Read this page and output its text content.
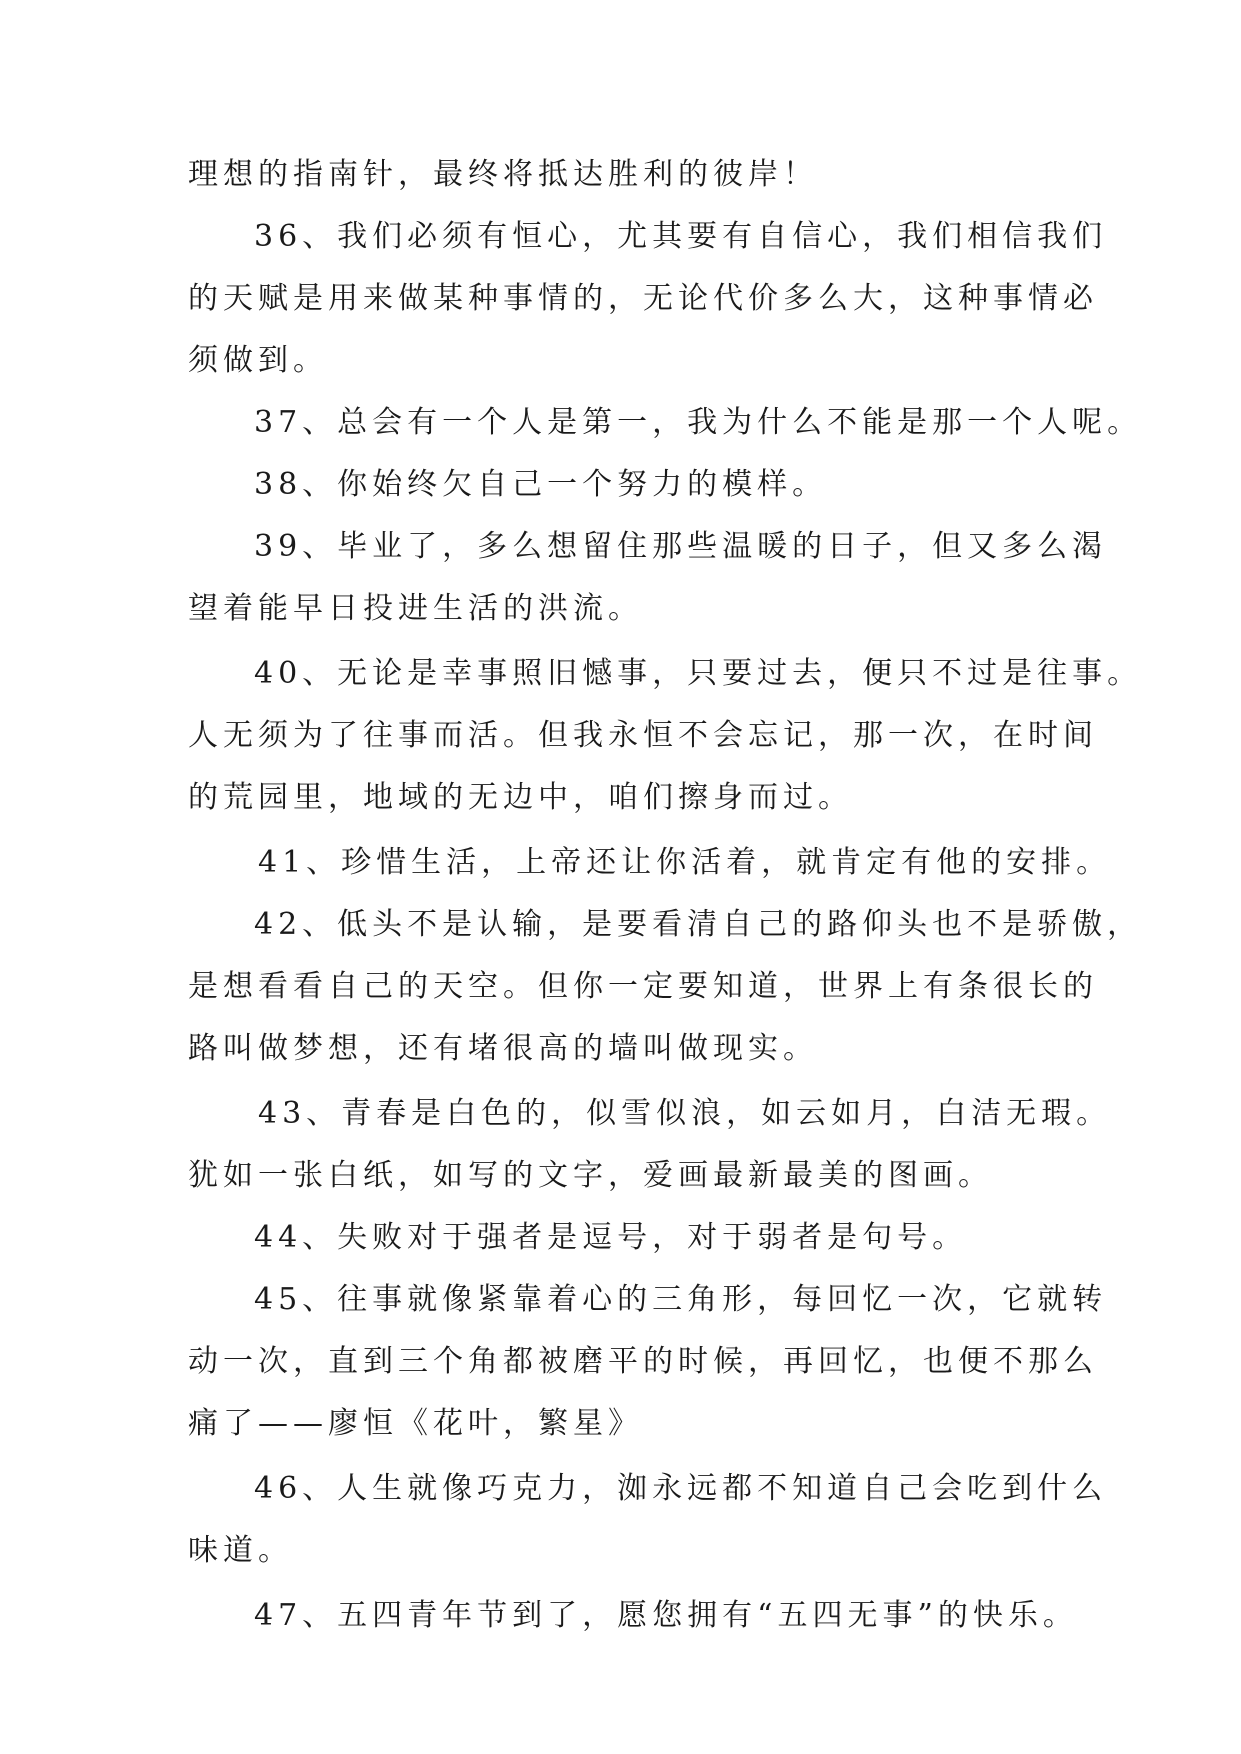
理想的指南针，最终将抵达胜利的彼岸！
36、我们必须有恒心，尤其要有自信心，我们相信我们
的天赋是用来做某种事情的，无论代价多么大，这种事情必
须做到。
37、总会有一个人是第一，我为什么不能是那一个人呢。
38、你始终欠自己一个努力的模样。
39、毕业了，多么想留住那些温暖的日子，但又多么渴
望着能早日投进生活的洪流。
40、无论是幸事照旧憾事，只要过去，便只不过是往事。
人无须为了往事而活。但我永恒不会忘记，那一次，在时间
的荒园里，地域的无边中，咱们擦身而过。
41、珍惜生活，上帝还让你活着，就肯定有他的安排。
42、低头不是认输，是要看清自己的路仰头也不是骄傲，
是想看看自己的天空。但你一定要知道，世界上有条很长的
路叫做梦想，还有堵很高的墙叫做现实。
43、青春是白色的，似雪似浪，如云如月，白洁无瑕。
犹如一张白纸，如写的文字，爱画最新最美的图画。
44、失败对于强者是逗号，对于弱者是句号。
45、往事就像紧靠着心的三角形，每回忆一次，它就转
动一次，直到三个角都被磨平的时候，再回忆，也便不那么
痛了——廖恒《花叶，繁星》
46、人生就像巧克力，洳永远都不知道自己会吃到什么
味道。
47、五四青年节到了，愿您拥有“五四无事”的快乐。
